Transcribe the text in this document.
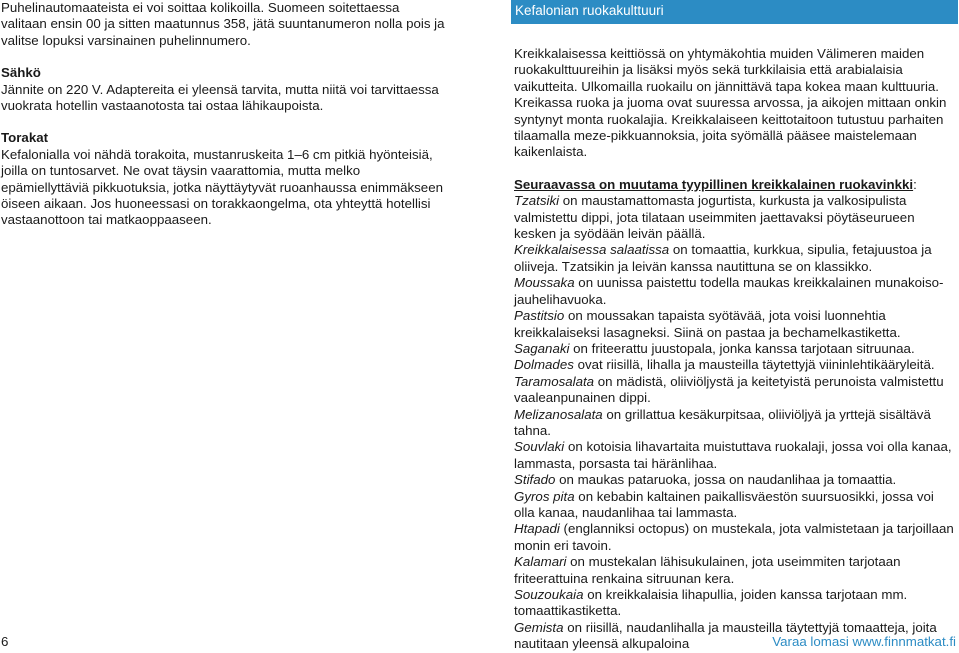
Puhelinautomaateista ei voi soittaa kolikoilla. Suomeen soitettaessa valitaan ensin 00 ja sitten maatunnus 358, jätä suuntanumeron nolla pois ja valitse lopuksi varsinainen puhelinnumero.

Sähkö

Jännite on 220 V. Adaptereita ei yleensä tarvita, mutta niitä voi tarvittaessa vuokrata hotellin vastaanotosta tai ostaa lähikaupoista.

Torakat

Kefalonialla voi nähdä torakoita, mustanruskeita 1–6 cm pitkiä hyönteisiä, joilla on tuntosarvet. Ne ovat täysin vaarattomia, mutta melko epämiellyttäviä pikkuotuksia, jotka näyttäytyvät ruoanhaussa enimmäkseen öiseen aikaan. Jos huoneessasi on torakkaongelma, ota yhteyttä hotellisi vastaanottoon tai matkaoppaaseen.

Kefalonian ruokakulttuuri

Kreikkalaisessa keittiössä on yhtymäkohtia muiden Välimeren maiden ruokakulttuureihin ja lisäksi myös sekä turkkilaisia että arabialaisia vaikutteita. Ulkomailla ruokailu on jännittävä tapa kokea maan kulttuuria. Kreikassa ruoka ja juoma ovat suuressa arvossa, ja aikojen mittaan onkin syntynyt monta ruokalajia. Kreikkalaiseen keittotaitoon tutustuu parhaiten tilaamalla meze-pikkuannoksia, joita syömällä pääsee maistelemaan kaikenlaista.

Seuraavassa on muutama tyypillinen kreikkalainen ruokavinkki:

Tzatsiki on maustamattomasta jogurtista, kurkusta ja valkosipulista valmistettu dippi, jota tilataan useimmiten jaettavaksi pöytäseurueen kesken ja syödään leivän päällä.

Kreikkalaisessa salaatissa on tomaattia, kurkkua, sipulia, fetajuustoa ja oliiveja. Tzatsikin ja leivän kanssa nautittuna se on klassikko.

Moussaka on uunissa paistettu todella maukas kreikkalainen munakoiso-jauhelihavuoka.

Pastitsio on moussakan tapaista syötävää, jota voisi luonnehtia kreikkalaiseksi lasagneksi. Siinä on pastaa ja bechamelkastiketta.

Saganaki on friteerattu juustopala, jonka kanssa tarjotaan sitruunaa.

Dolmades ovat riisillä, lihalla ja mausteilla täytettyjä viininlehtikääryleitä.

Taramosalata on mädistä, oliiviöljystä ja keitetyistä perunoista valmistettu vaaleanpunainen dippi.

Melizanosalata on grillattua kesäkurpitsaa, oliiviöljyä ja yrttejä sisältävä tahna.

Souvlaki on kotoisia lihavartaita muistuttava ruokalaji, jossa voi olla kanaa, lammasta, porsasta tai häränlihaa.

Stifado on maukas pataruoka, jossa on naudanlihaa ja tomaattia.

Gyros pita on kebabin kaltainen paikallisväestön suursuosikki, jossa voi olla kanaa, naudanlihaa tai lammasta.

Htapadi (englanniksi octopus) on mustekala, jota valmistetaan ja tarjoillaan monin eri tavoin.

Kalamari on mustekalan lähisukulainen, jota useimmiten tarjotaan friteerattuina renkaina sitruunan kera.

Souzoukaia on kreikkalaisia lihapullia, joiden kanssa tarjotaan mm. tomaattikastiketta.

Gemista on riisillä, naudanlihalla ja mausteilla täytettyjä tomaatteja, joita nautitaan yleensä alkupaloina

6	Varaa lomasi www.finnmatkat.fi
